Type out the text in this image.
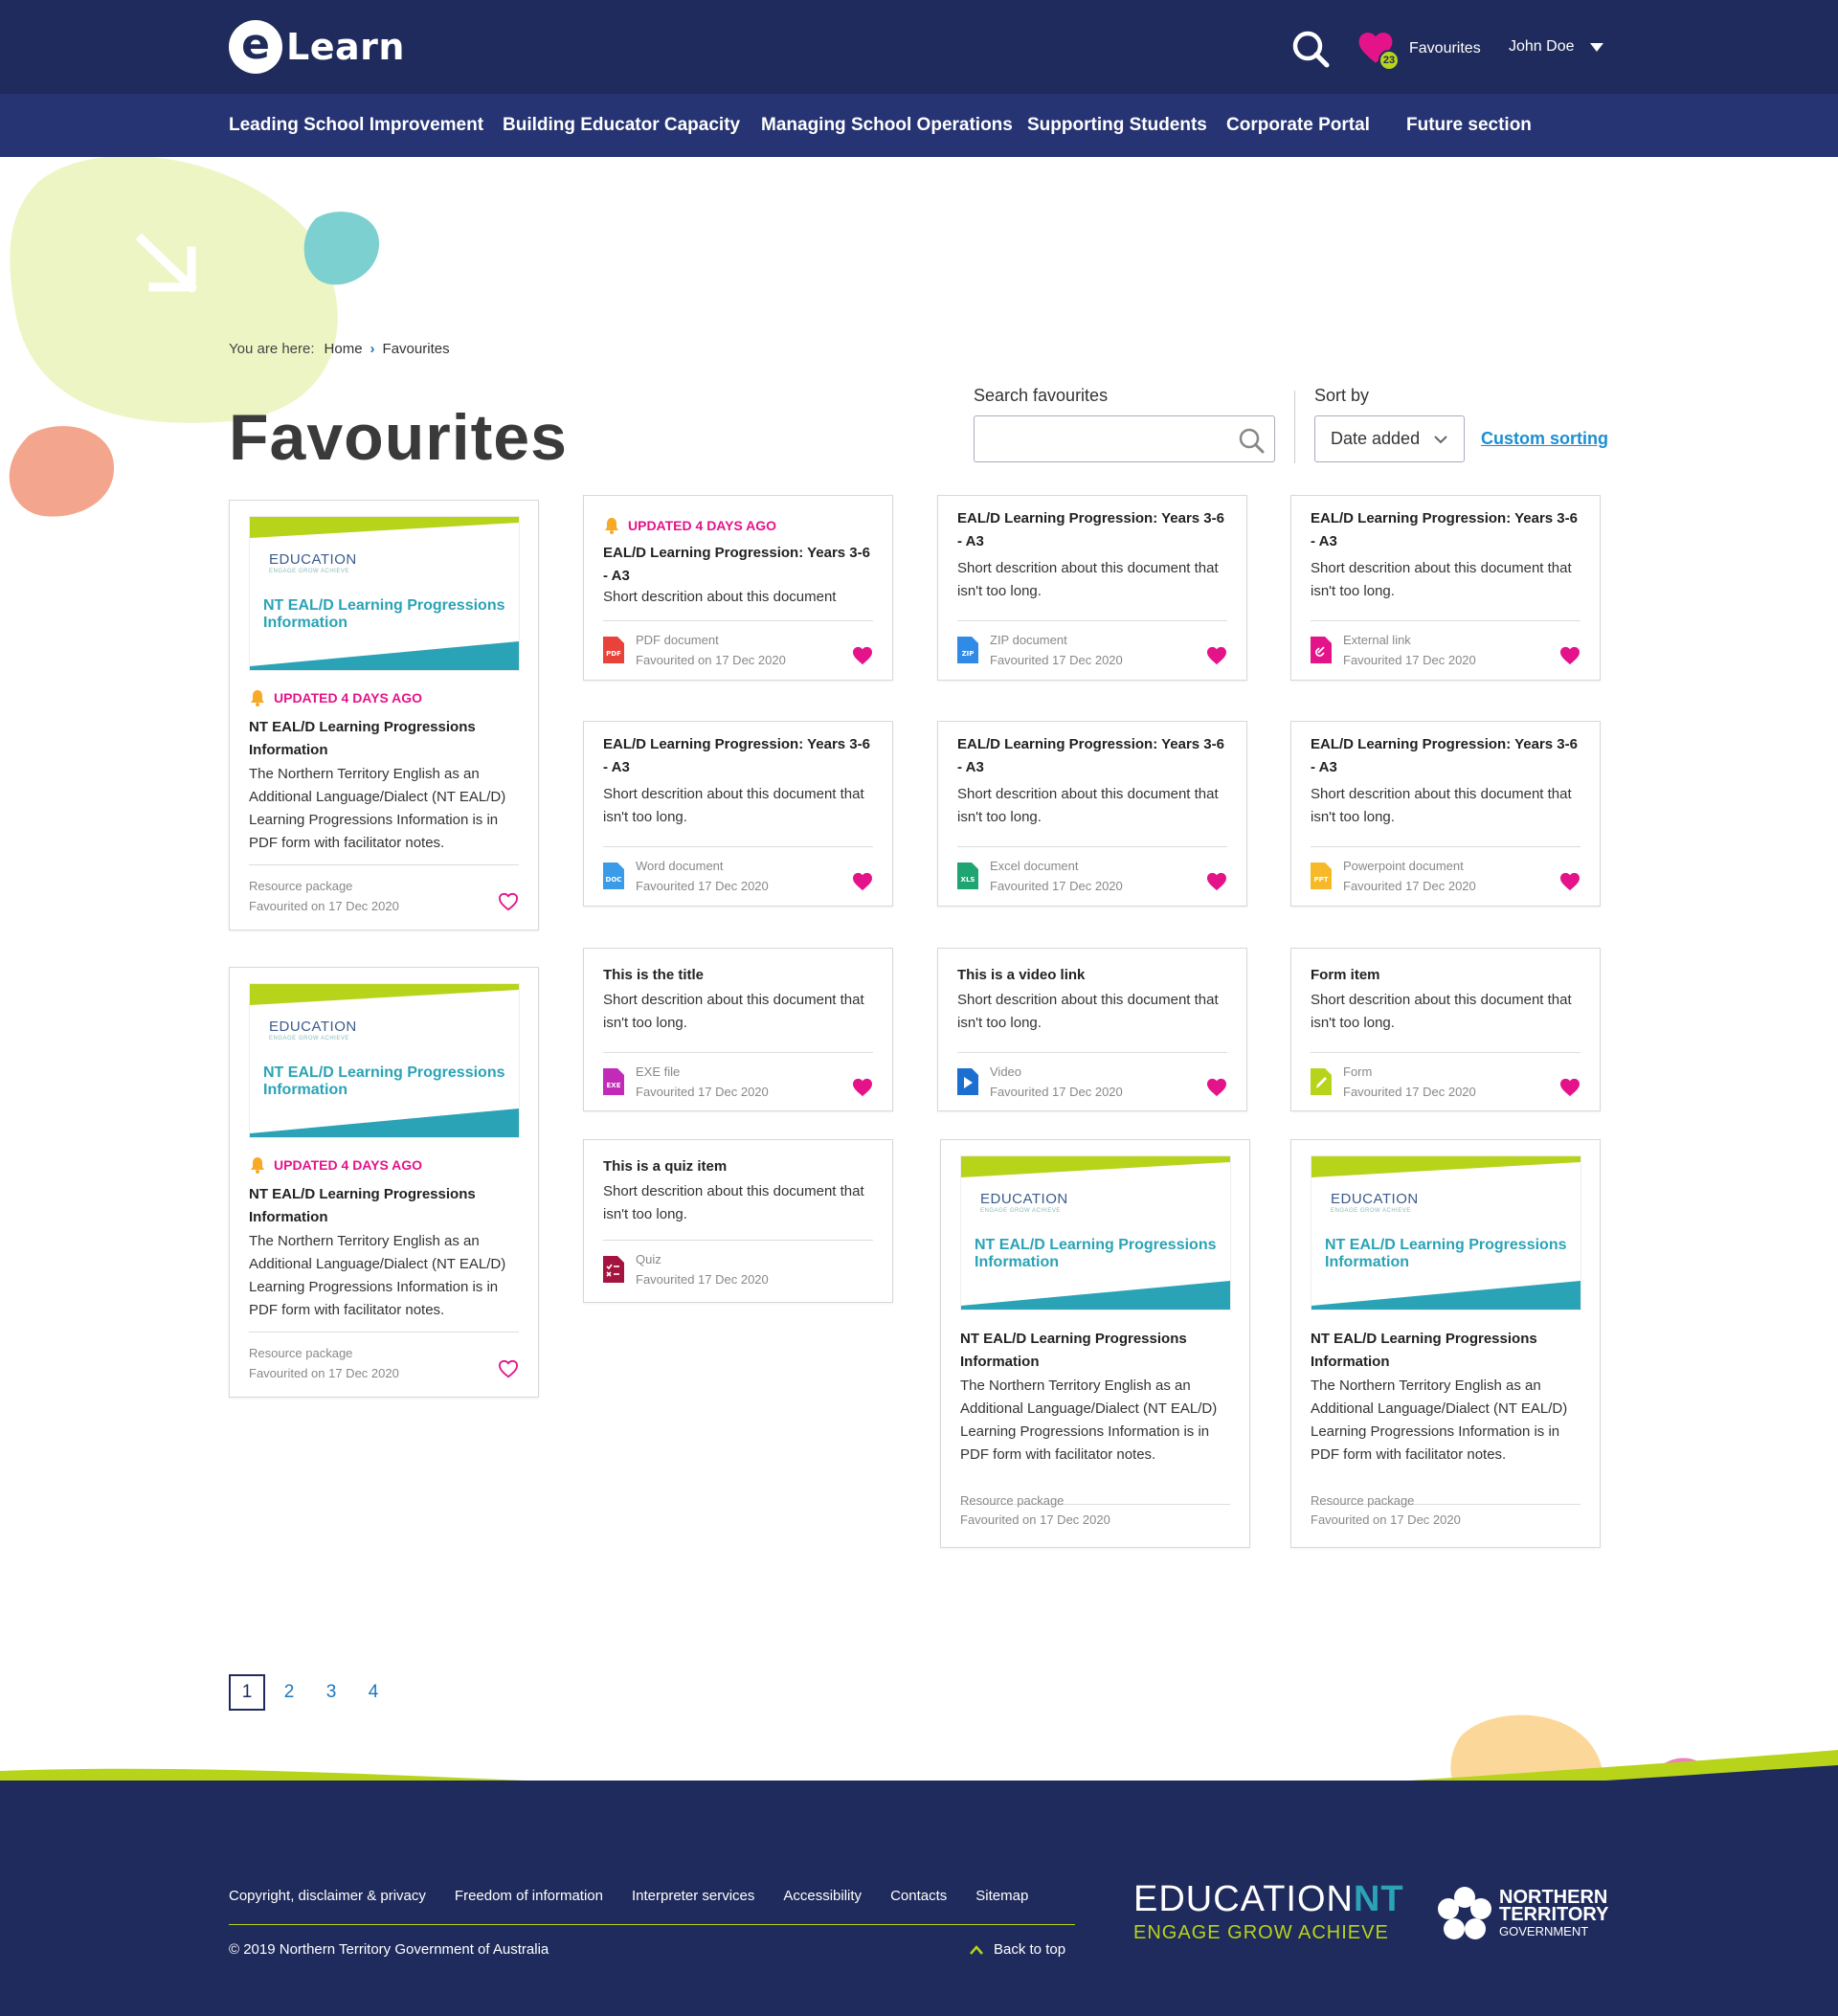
e Learn	23
Favourites John Doe
Leading School Improvement Building Educator Capacity Managing School Operations Supporting Students Corporate Portal Future section
You are here: Home › Favourites
Favourites
Search favourites	Sort by
Date added	Custom sorting
EDUCATION
ENGAGE GROW ACHIEVE
NT EAL/D Learning Progressions Information
UPDATED 4 DAYS AGO
NT EAL/D Learning Progressions Information
The Northern Territory English as an Additional Language/Dialect (NT EAL/D) Learning Progressions Information is in PDF form with facilitator notes.
Resource package
Favourited on 17 Dec 2020
EDUCATION
ENGAGE GROW ACHIEVE
NT EAL/D Learning Progressions Information
UPDATED 4 DAYS AGO
NT EAL/D Learning Progressions Information
The Northern Territory English as an Additional Language/Dialect (NT EAL/D) Learning Progressions Information is in PDF form with facilitator notes.
Resource package
Favourited on 17 Dec 2020
UPDATED 4 DAYS AGO
EAL/D Learning Progression: Years 3-6 - A3
Short descrition about this document
PDF
PDF document
Favourited on 17 Dec 2020
EAL/D Learning Progression: Years 3-6 - A3
Short descrition about this document that isn't too long.
ZIP
ZIP document
Favourited 17 Dec 2020
EAL/D Learning Progression: Years 3-6 - A3
Short descrition about this document that isn't too long.
External link
Favourited 17 Dec 2020
EAL/D Learning Progression: Years 3-6 - A3
Short descrition about this document that isn't too long.
DOC
Word document
Favourited 17 Dec 2020
EAL/D Learning Progression: Years 3-6 - A3
Short descrition about this document that isn't too long.
XLS
Excel document
Favourited 17 Dec 2020
EAL/D Learning Progression: Years 3-6 - A3
Short descrition about this document that isn't too long.
PPT
Powerpoint document
Favourited 17 Dec 2020
This is the title
Short descrition about this document that isn't too long.
EXE
EXE file
Favourited 17 Dec 2020
This is a video link
Short descrition about this document that isn't too long.
Video
Favourited 17 Dec 2020
Form item
Short descrition about this document that isn't too long.
Form
Favourited 17 Dec 2020
This is a quiz item
Short descrition about this document that isn't too long.
Quiz
Favourited 17 Dec 2020
EDUCATION
ENGAGE GROW ACHIEVE
NT EAL/D Learning Progressions Information
NT EAL/D Learning Progressions Information
The Northern Territory English as an Additional Language/Dialect (NT EAL/D) Learning Progressions Information is in PDF form with facilitator notes.
Resource package
Favourited on 17 Dec 2020
EDUCATION
ENGAGE GROW ACHIEVE
NT EAL/D Learning Progressions Information
NT EAL/D Learning Progressions Information
The Northern Territory English as an Additional Language/Dialect (NT EAL/D) Learning Progressions Information is in PDF form with facilitator notes.
Resource package
Favourited on 17 Dec 2020
1	2	3	4
Copyright, disclaimer & privacy Freedom of information Interpreter services Accessibility Contacts Sitemap
© 2019 Northern Territory Government of Australia	Back to top
EDUCATIONNT
ENGAGE GROW ACHIEVE
NORTHERN
TERRITORY
GOVERNMENT
